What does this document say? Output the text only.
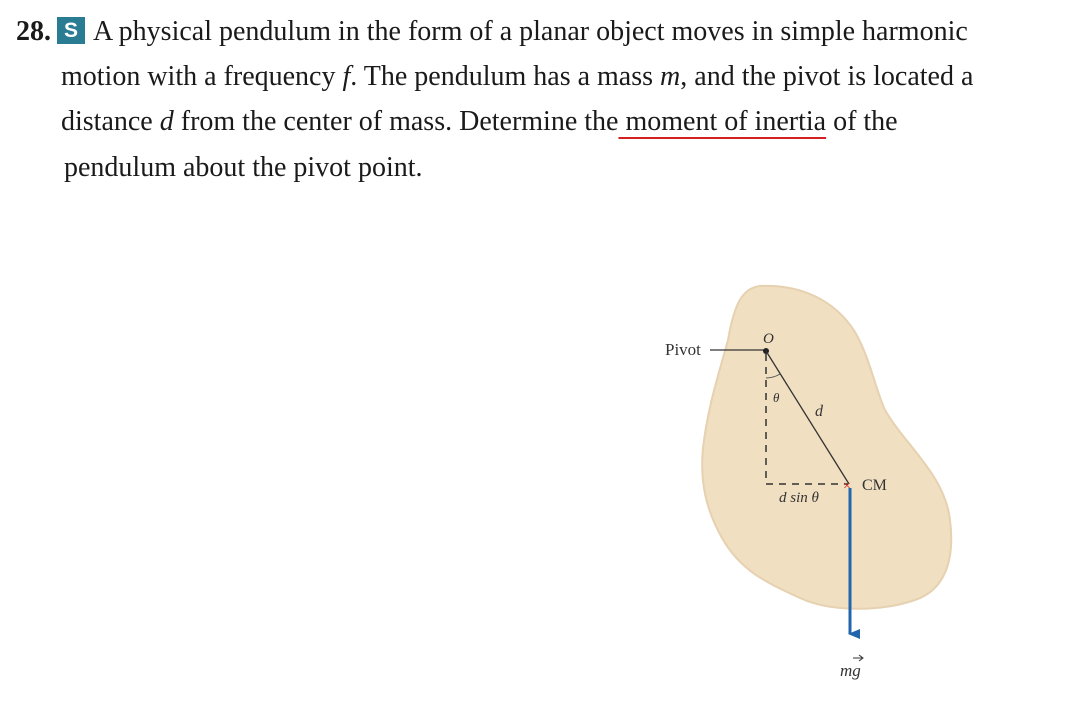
28. S A physical pendulum in the form of a planar object moves in simple harmonic
motion with a frequency f. The pendulum has a mass m, and the pivot is located a
distance d from the center of mass. Determine the moment of inertia of the
pendulum about the pivot point.
Pivot
O
θ
d
d sin θ
× CM
mg
